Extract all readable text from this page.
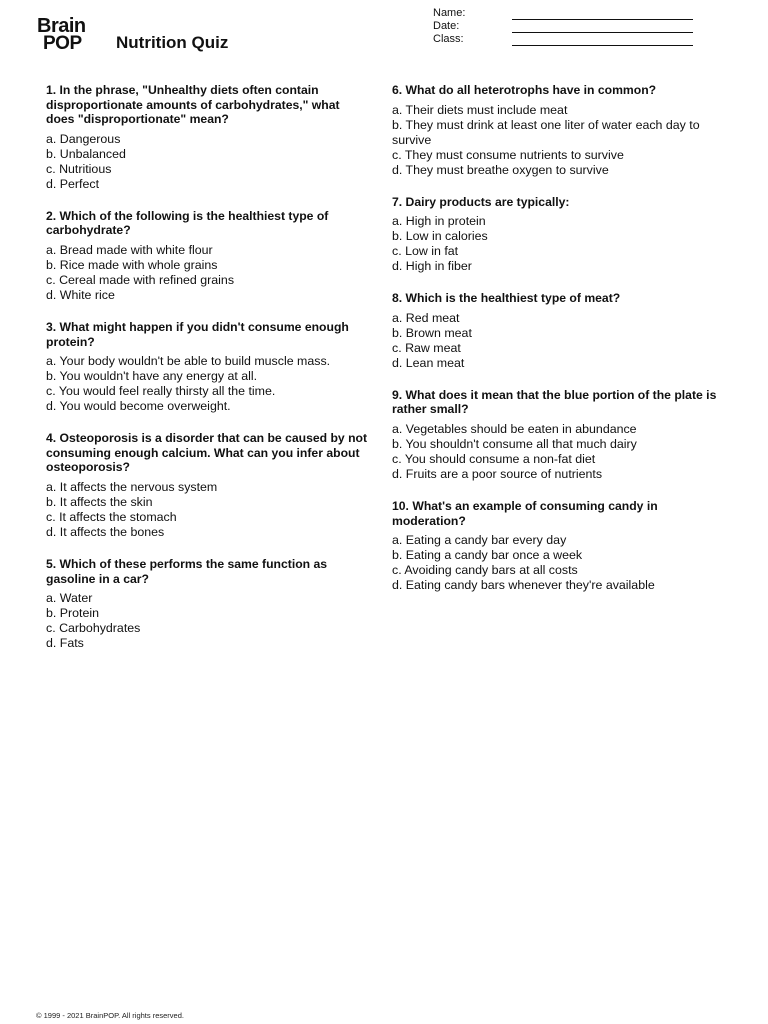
Brain
POP	Nutrition Quiz
Name:
Date:
Class:
1. In the phrase, "Unhealthy diets often contain disproportionate amounts of carbohydrates," what does "disproportionate" mean?
a. Dangerous
b. Unbalanced
c. Nutritious
d. Perfect
2. Which of the following is the healthiest type of carbohydrate?
a. Bread made with white flour
b. Rice made with whole grains
c. Cereal made with refined grains
d. White rice
3. What might happen if you didn't consume enough protein?
a. Your body wouldn't be able to build muscle mass.
b. You wouldn't have any energy at all.
c. You would feel really thirsty all the time.
d. You would become overweight.
4. Osteoporosis is a disorder that can be caused by not consuming enough calcium. What can you infer about osteoporosis?
a. It affects the nervous system
b. It affects the skin
c. It affects the stomach
d. It affects the bones
5. Which of these performs the same function as gasoline in a car?
a. Water
b. Protein
c. Carbohydrates
d. Fats
6. What do all heterotrophs have in common?
a. Their diets must include meat
b. They must drink at least one liter of water each day to survive
c. They must consume nutrients to survive
d. They must breathe oxygen to survive
7. Dairy products are typically:
a. High in protein
b. Low in calories
c. Low in fat
d. High in fiber
8. Which is the healthiest type of meat?
a. Red meat
b. Brown meat
c. Raw meat
d. Lean meat
9. What does it mean that the blue portion of the plate is rather small?
a. Vegetables should be eaten in abundance
b. You shouldn't consume all that much dairy
c. You should consume a non-fat diet
d. Fruits are a poor source of nutrients
10. What's an example of consuming candy in moderation?
a. Eating a candy bar every day
b. Eating a candy bar once a week
c. Avoiding candy bars at all costs
d. Eating candy bars whenever they're available
© 1999 - 2021 BrainPOP. All rights reserved.
